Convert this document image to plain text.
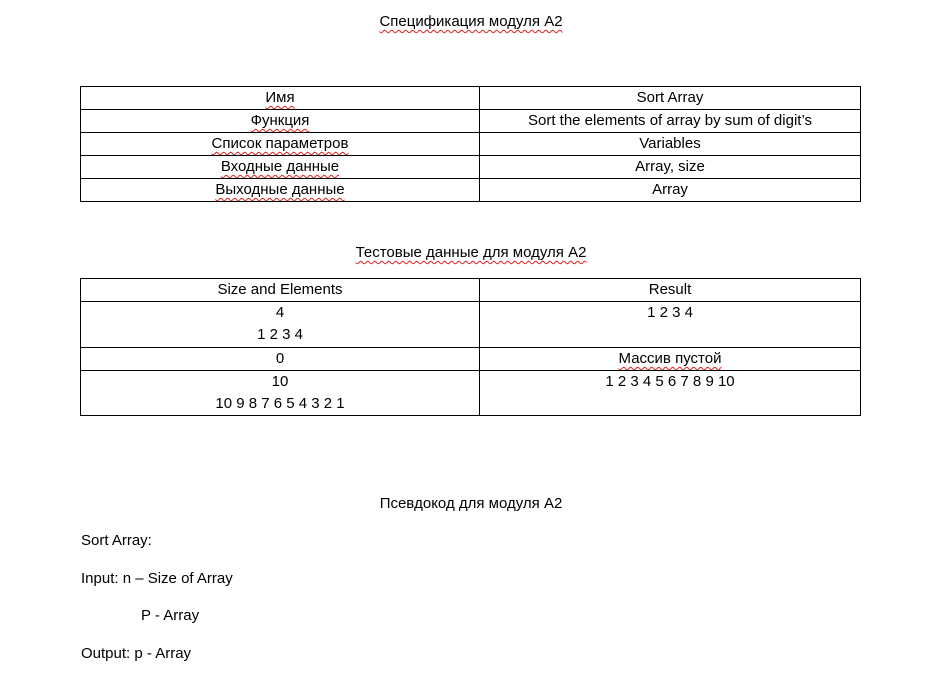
Спецификация модуля А2
Имя	Sort Array
Функция	Sort the elements of array by sum of digit’s
Список параметров	Variables
Входные данные	Array, size
Выходные данные	Array
Тестовые данные для модуля А2
Size and Elements	Result

4
1 2 3 4	1 2 3 4

0	Массив пустой

10
10 9 8 7 6 5 4 3 2 1	1 2 3 4 5 6 7 8 9 10
Псевдокод для модуля А2
Sort Array:
Input: n – Size of Array
P - Array
Output: p - Array
